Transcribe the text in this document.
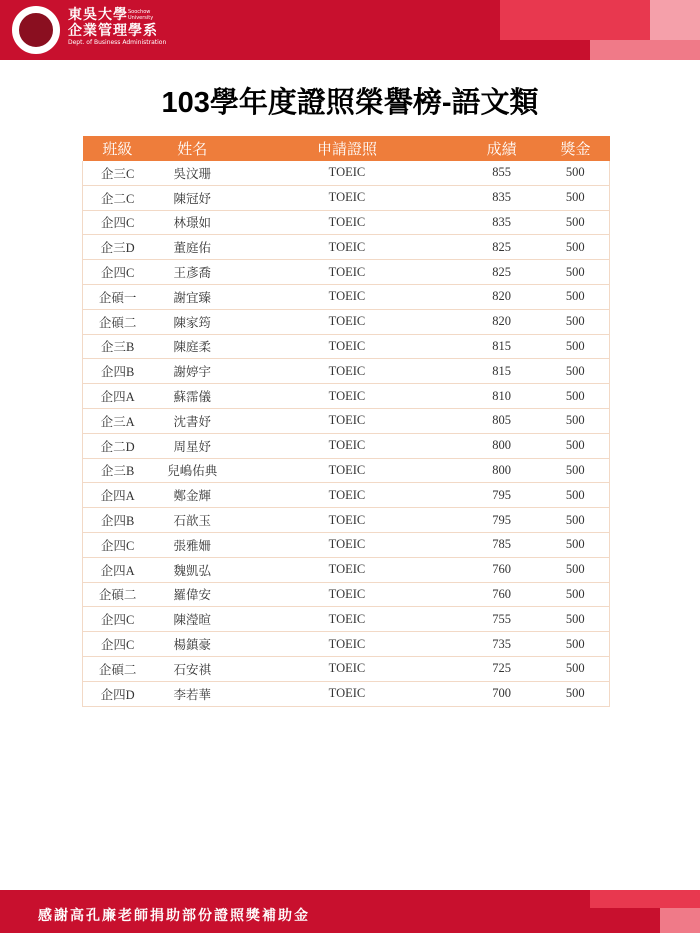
東吳大學
企業管理學系
Dept. of Business Administration
Soochow University
103學年度證照榮譽榜-語文類
班級	姓名	申請證照	成績	獎金
企三C	吳汶珊	TOEIC	855	500
企二C	陳冠妤	TOEIC	835	500
企四C	林璟如	TOEIC	835	500
企三D	董庭佑	TOEIC	825	500
企四C	王彥喬	TOEIC	825	500
企碩一	謝宜臻	TOEIC	820	500
企碩二	陳家筠	TOEIC	820	500
企三B	陳庭柔	TOEIC	815	500
企四B	謝婷宇	TOEIC	815	500
企四A	蘇霈儀	TOEIC	810	500
企三A	沈書妤	TOEIC	805	500
企二D	周星妤	TOEIC	800	500
企三B	兒嶋佑典	TOEIC	800	500
企四A	鄭金輝	TOEIC	795	500
企四B	石歆玉	TOEIC	795	500
企四C	張雅姍	TOEIC	785	500
企四A	魏凱弘	TOEIC	760	500
企碩二	羅偉安	TOEIC	760	500
企四C	陳瀅暄	TOEIC	755	500
企四C	楊鎮豪	TOEIC	735	500
企碩二	石安祺	TOEIC	725	500
企四D	李若華	TOEIC	700	500
感謝高孔廉老師捐助部份證照獎補助金
